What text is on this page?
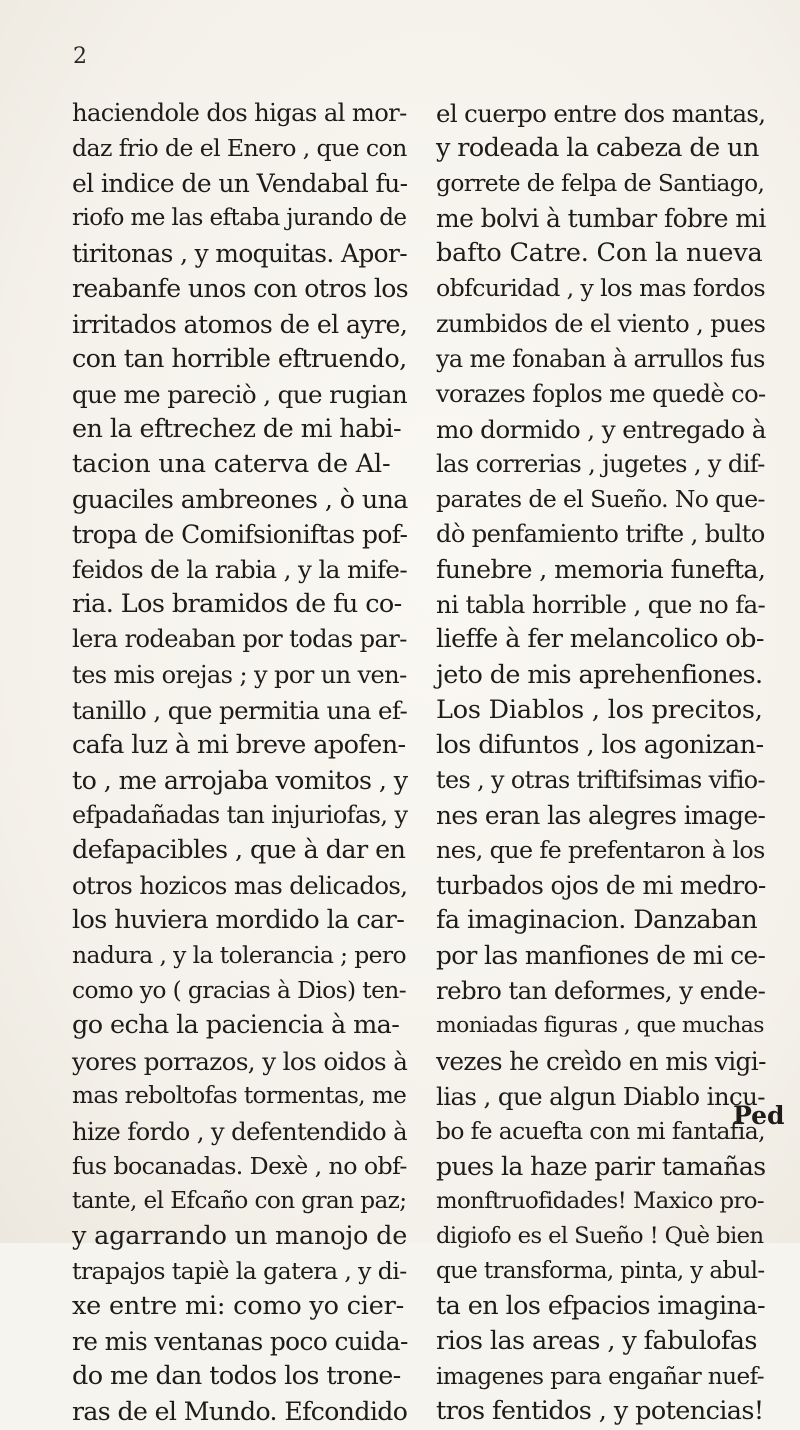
2
haciendole dos higas al mor-
daz frio de el Enero , que con
el indice de un Vendabal fu-
riofo me las eftaba jurando de
tiritonas , y moquitas. Apor-
reabanfe unos con otros los
irritados atomos de el ayre,
con tan horrible eftruendo,
que me pareciò , que rugian
en la eftrechez de mi habi-
tacion una caterva de Al-
guaciles ambreones , ò una
tropa de Comifsioniftas pof-
feidos de la rabia , y la mife-
ria. Los bramidos de fu co-
lera rodeaban por todas par-
tes mis orejas ; y por un ven-
tanillo , que permitia una ef-
cafa luz à mi breve apofen-
to , me arrojaba vomitos , y
efpadañadas tan injuriofas, y
defapacibles , que à dar en
otros hozicos mas delicados,
los huviera mordido la car-
nadura , y la tolerancia ; pero
como yo ( gracias à Dios) ten-
go echa la paciencia à ma-
yores porrazos, y los oidos à
mas reboltofas tormentas, me
hize fordo , y defentendido à
fus bocanadas. Dexè , no obf-
tante, el Efcaño con gran paz;
y agarrando un manojo de
trapajos tapiè la gatera , y di-
xe entre mi: como yo cier-
re mis ventanas poco cuida-
do me dan todos los trone-
ras de el Mundo. Efcondido
el cuerpo entre dos mantas,
y rodeada la cabeza de un
gorrete de felpa de Santiago,
me bolvi à tumbar fobre mi
bafto Catre. Con la nueva
obfcuridad , y los mas fordos
zumbidos de el viento , pues
ya me fonaban à arrullos fus
vorazes foplos me quedè co-
mo dormido , y entregado à
las correrias , jugetes , y dif-
parates de el Sueño. No que-
dò penfamiento trifte , bulto
funebre , memoria funefta,
ni tabla horrible , que no fa-
lieffe à fer melancolico ob-
jeto de mis aprehenfiones.
Los Diablos , los precitos,
los difuntos , los agonizan-
tes , y otras triftifsimas vifio-
nes eran las alegres image-
nes, que fe prefentaron à los
turbados ojos de mi medro-
fa imaginacion. Danzaban
por las manfiones de mi ce-
rebro tan deformes, y ende-
moniadas figuras , que muchas
vezes he creìdo en mis vigi-
lias , que algun Diablo incu-
bo fe acuefta con mi fantafia,
pues la haze parir tamañas
monftruofidades! Maxico pro-
digiofo es el Sueño ! Què bien
que transforma, pinta, y abul-
ta en los efpacios imagina-
rios las areas , y fabulofas
imagenes para engañar nuef-
tros fentidos , y potencias!
Ped
